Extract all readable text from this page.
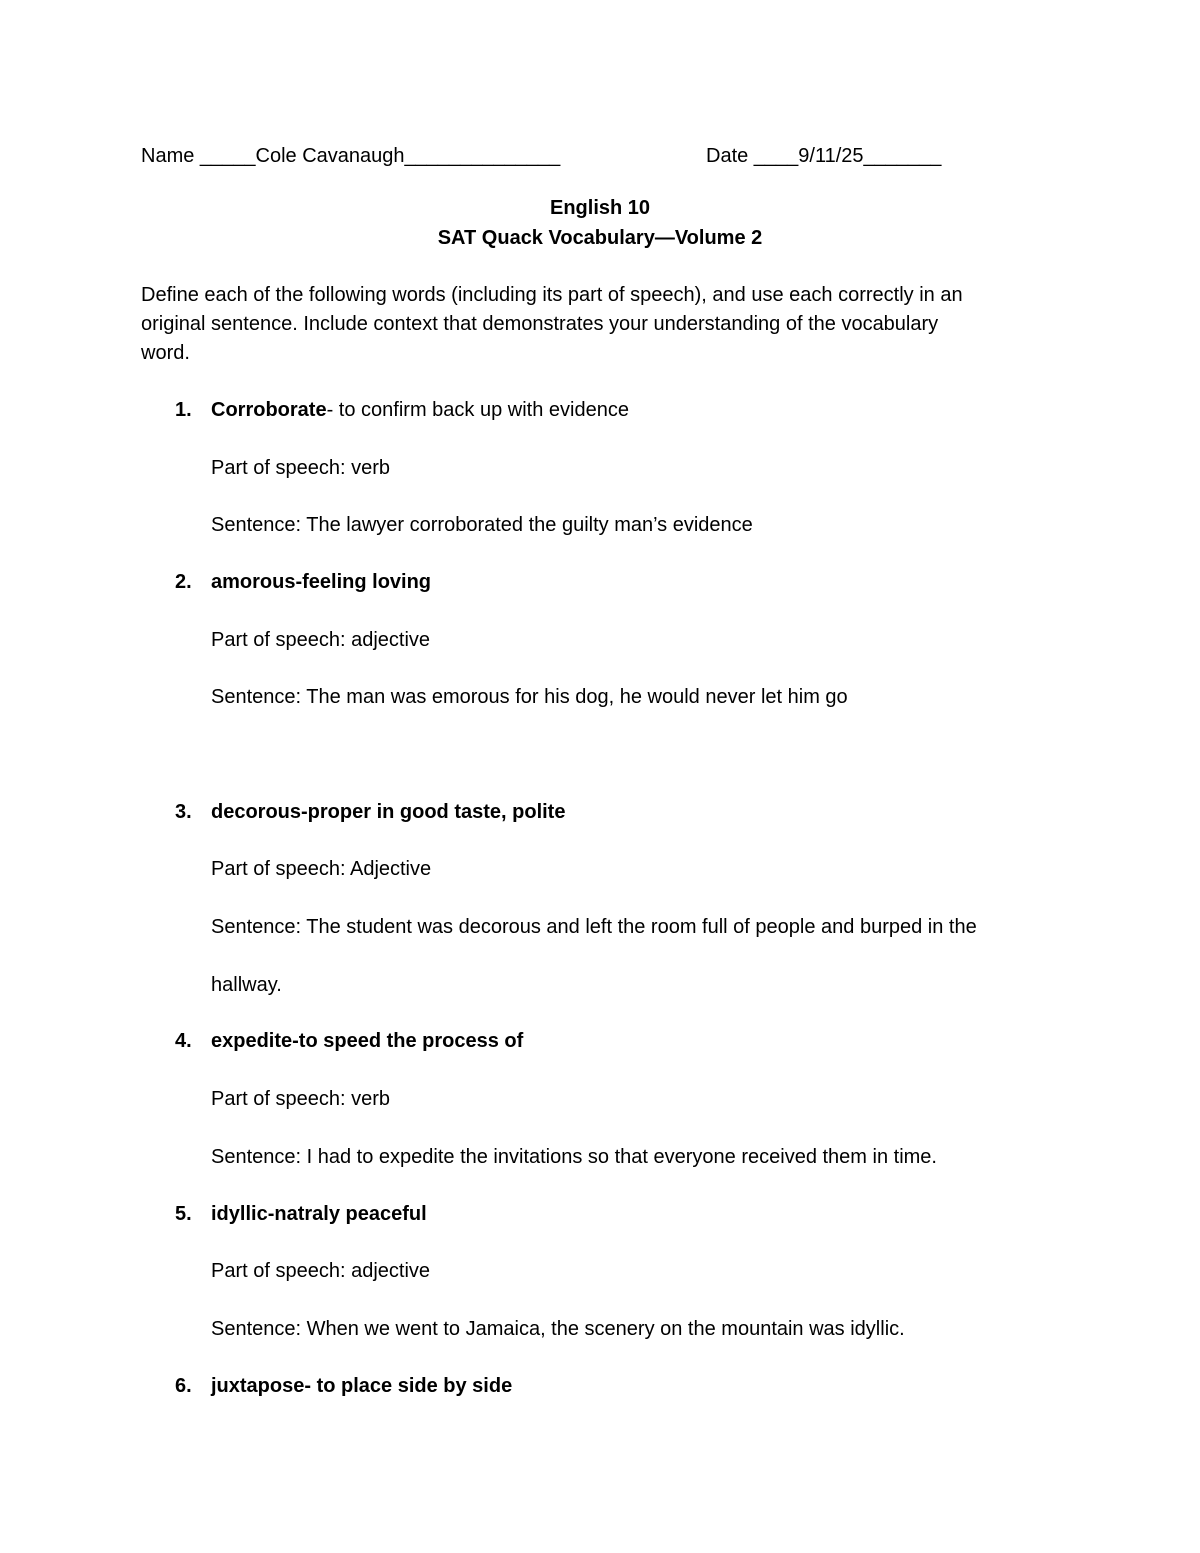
Name _____Cole Cavanaugh______________	Date ____9/11/25_______
English 10
SAT Quack Vocabulary—Volume 2
Define each of the following words (including its part of speech), and use each correctly in an
original sentence. Include context that demonstrates your understanding of the vocabulary
word.
1. Corroborate- to confirm back up with evidence
Part of speech: verb
Sentence: The lawyer corroborated the guilty man’s evidence
2. amorous-feeling loving
Part of speech: adjective
Sentence: The man was emorous for his dog, he would never let him go
3. decorous-proper in good taste, polite
Part of speech: Adjective
Sentence: The student was decorous and left the room full of people and burped in the
hallway.
4. expedite-to speed the process of
Part of speech: verb
Sentence: I had to expedite the invitations so that everyone received them in time.
5. idyllic-natraly peaceful
Part of speech: adjective
Sentence: When we went to Jamaica, the scenery on the mountain was idyllic.
6. juxtapose- to place side by side
